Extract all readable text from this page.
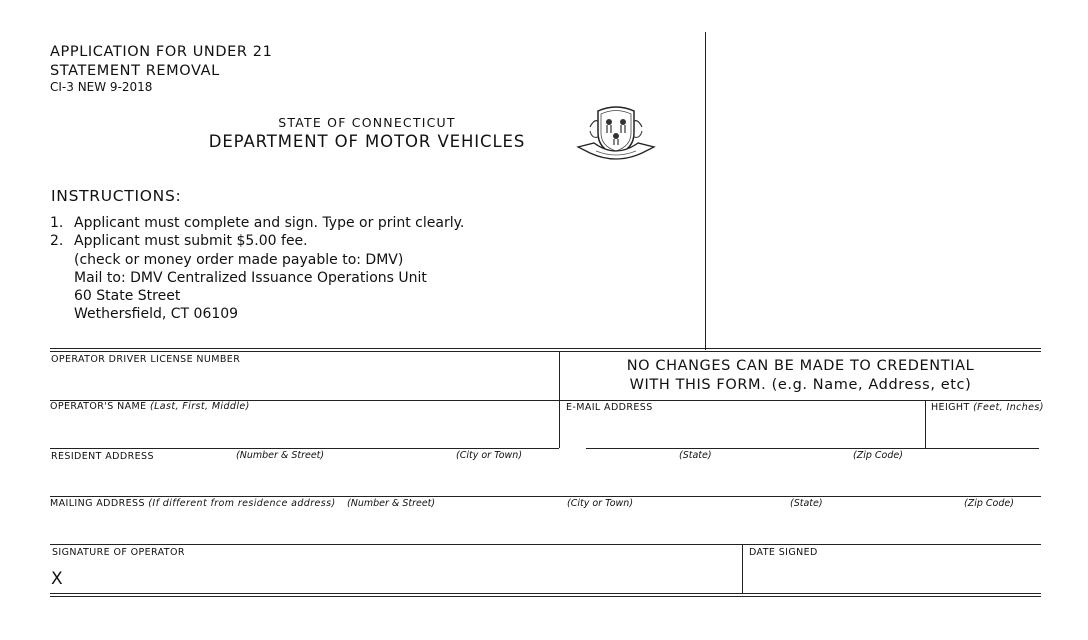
APPLICATION FOR UNDER 21
STATEMENT REMOVAL
CI-3 NEW 9-2018
STATE OF CONNECTICUT
DEPARTMENT OF MOTOR VEHICLES
INSTRUCTIONS:
1. Applicant must complete and sign. Type or print clearly.
2. Applicant must submit $5.00 fee.
(check or money order made payable to: DMV)
Mail to: DMV Centralized Issuance Operations Unit
60 State Street
Wethersfield, CT 06109
OPERATOR DRIVER LICENSE NUMBER	NO CHANGES CAN BE MADE TO CREDENTIAL
WITH THIS FORM. (e.g. Name, Address, etc)
OPERATOR'S NAME (Last, First, Middle)	E-MAIL ADDRESS	HEIGHT (Feet, Inches)
RESIDENT ADDRESS	(Number & Street)	(City or Town)	(State)	(Zip Code)
MAILING ADDRESS (If different from residence address) (Number & Street)	(City or Town)	(State)	(Zip Code)
SIGNATURE OF OPERATOR
X
DATE SIGNED
